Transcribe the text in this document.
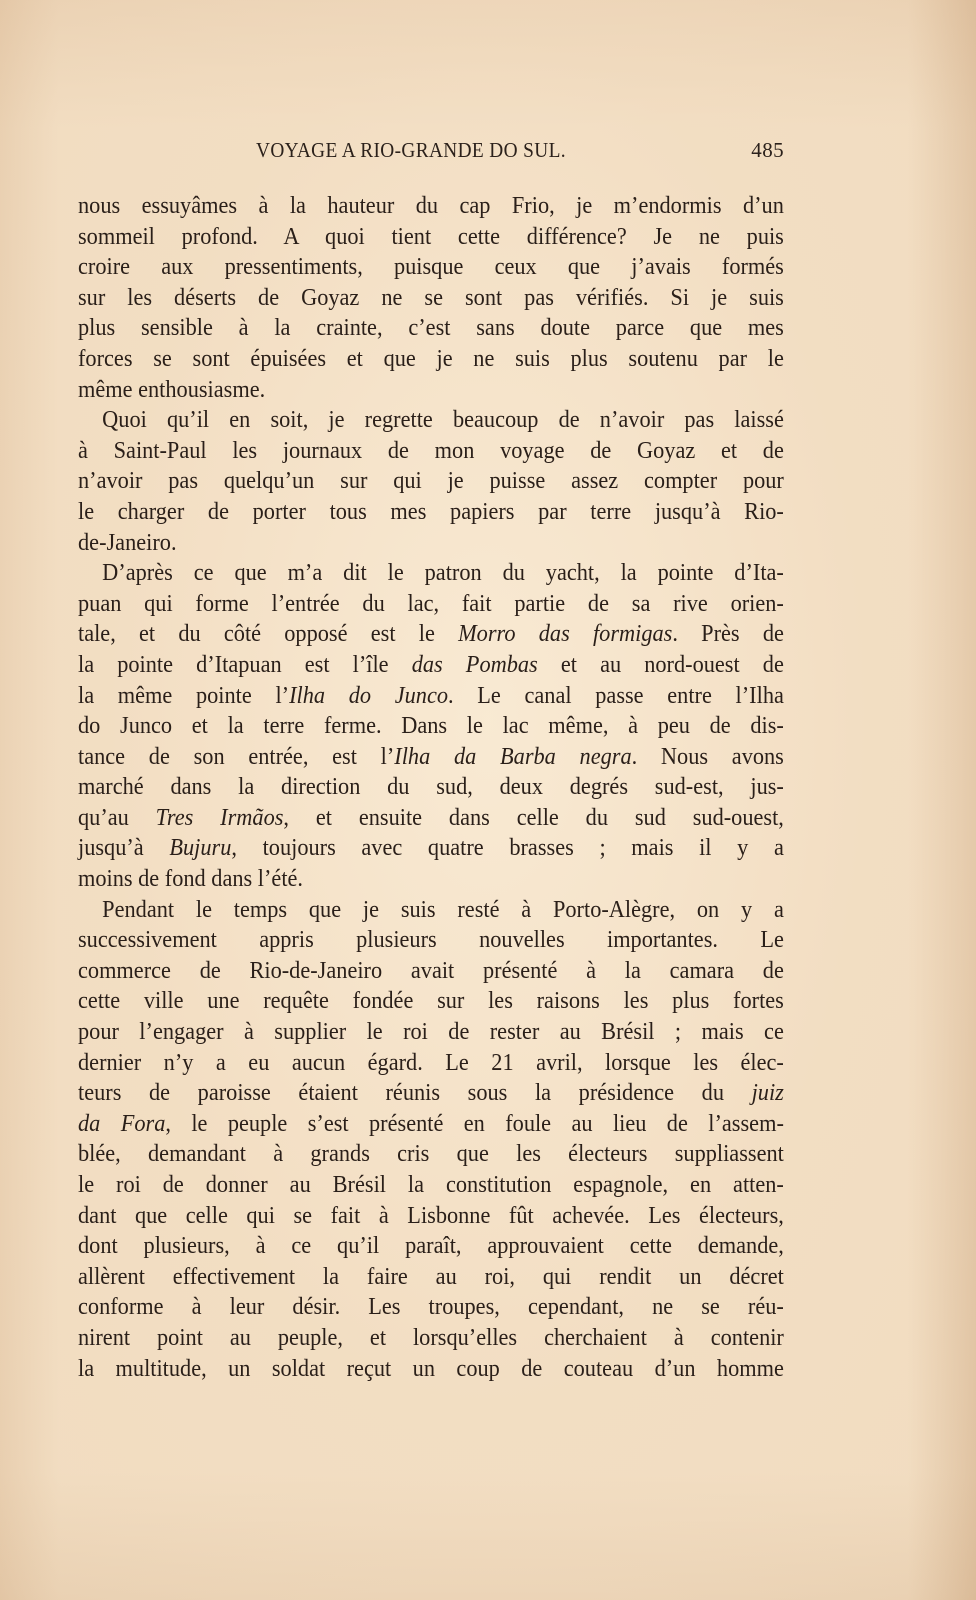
VOYAGE A RIO-GRANDE DO SUL.	485
nous essuyâmes à la hauteur du cap Frio, je m’endormis d’un
sommeil profond. A quoi tient cette différence? Je ne puis
croire aux pressentiments, puisque ceux que j’avais formés
sur les déserts de Goyaz ne se sont pas vérifiés. Si je suis
plus sensible à la crainte, c’est sans doute parce que mes
forces se sont épuisées et que je ne suis plus soutenu par le
même enthousiasme.
Quoi qu’il en soit, je regrette beaucoup de n’avoir pas laissé
à Saint-Paul les journaux de mon voyage de Goyaz et de
n’avoir pas quelqu’un sur qui je puisse assez compter pour
le charger de porter tous mes papiers par terre jusqu’à Rio-
de-Janeiro.
D’après ce que m’a dit le patron du yacht, la pointe d’Ita-
puan qui forme l’entrée du lac, fait partie de sa rive orien-
tale, et du côté opposé est le Morro das formigas. Près de
la pointe d’Itapuan est l’île das Pombas et au nord-ouest de
la même pointe l’Ilha do Junco. Le canal passe entre l’Ilha
do Junco et la terre ferme. Dans le lac même, à peu de dis-
tance de son entrée, est l’Ilha da Barba negra. Nous avons
marché dans la direction du sud, deux degrés sud-est, jus-
qu’au Tres Irmãos, et ensuite dans celle du sud sud-ouest,
jusqu’à Bujuru, toujours avec quatre brasses ; mais il y a
moins de fond dans l’été.
Pendant le temps que je suis resté à Porto-Alègre, on y a
successivement appris plusieurs nouvelles importantes. Le
commerce de Rio-de-Janeiro avait présenté à la camara de
cette ville une requête fondée sur les raisons les plus fortes
pour l’engager à supplier le roi de rester au Brésil ; mais ce
dernier n’y a eu aucun égard. Le 21 avril, lorsque les élec-
teurs de paroisse étaient réunis sous la présidence du juiz
da Fora, le peuple s’est présenté en foule au lieu de l’assem-
blée, demandant à grands cris que les électeurs suppliassent
le roi de donner au Brésil la constitution espagnole, en atten-
dant que celle qui se fait à Lisbonne fût achevée. Les électeurs,
dont plusieurs, à ce qu’il paraît, approuvaient cette demande,
allèrent effectivement la faire au roi, qui rendit un décret
conforme à leur désir. Les troupes, cependant, ne se réu-
nirent point au peuple, et lorsqu’elles cherchaient à contenir
la multitude, un soldat reçut un coup de couteau d’un homme
